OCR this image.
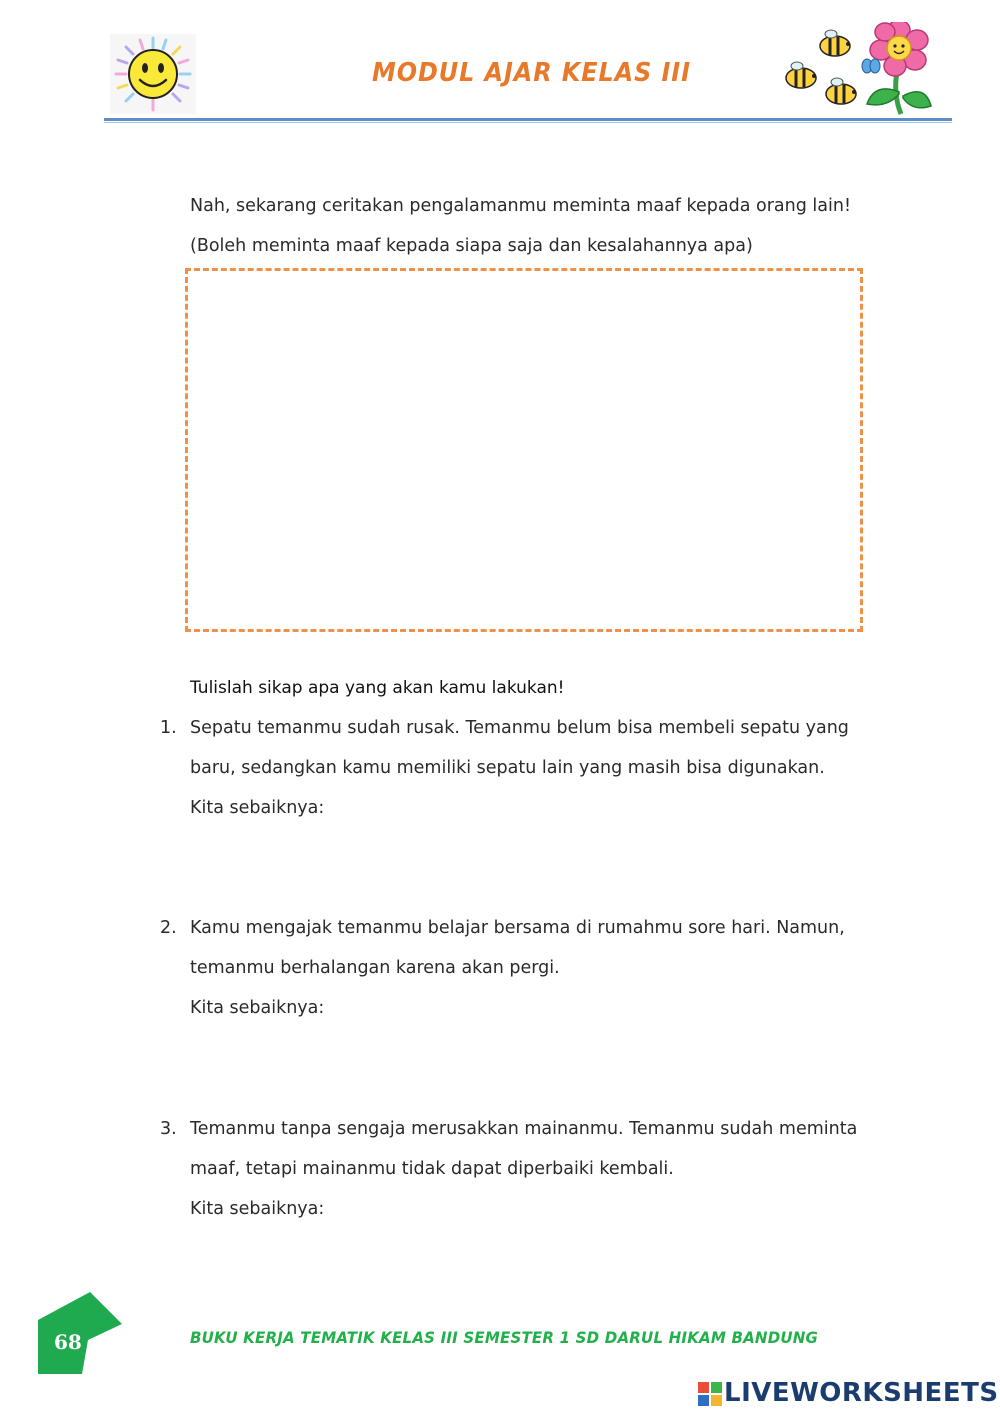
MODUL AJAR KELAS III
Nah, sekarang ceritakan pengalamanmu meminta maaf kepada orang lain!
(Boleh meminta maaf kepada siapa saja dan kesalahannya apa)
Tulislah sikap apa yang akan kamu lakukan!
1. Sepatu temanmu sudah rusak. Temanmu belum bisa membeli sepatu yang
baru, sedangkan kamu memiliki sepatu lain yang masih bisa digunakan.
Kita sebaiknya:
2. Kamu mengajak temanmu belajar bersama di rumahmu sore hari. Namun,
temanmu berhalangan karena akan pergi.
Kita sebaiknya:
3. Temanmu tanpa sengaja merusakkan mainanmu. Temanmu sudah meminta
maaf, tetapi mainanmu tidak dapat diperbaiki kembali.
Kita sebaiknya:
68	BUKU KERJA TEMATIK KELAS III SEMESTER 1 SD DARUL HIKAM BANDUNG
LIVEWORKSHEETS
